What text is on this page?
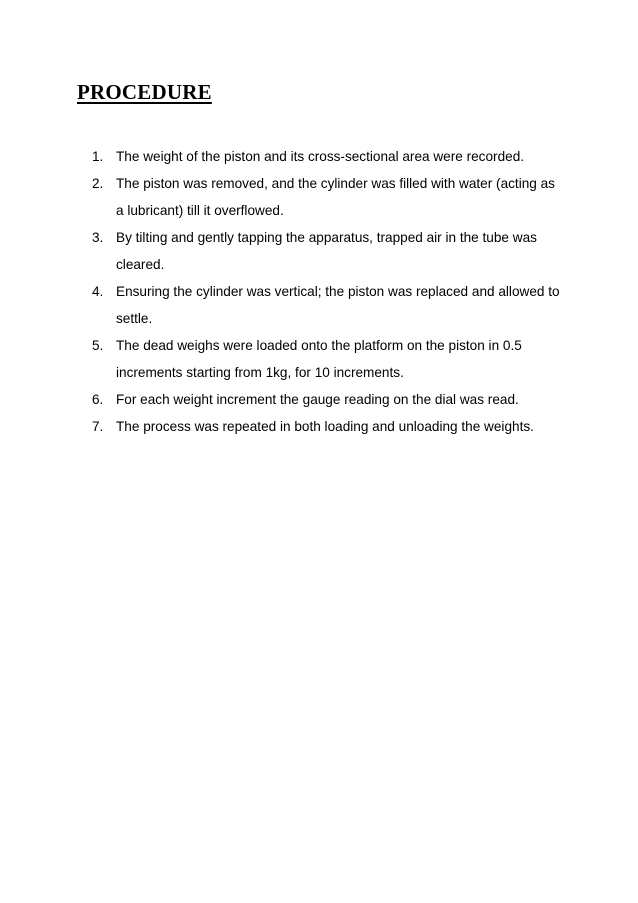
PROCEDURE
1. The weight of the piston and its cross-sectional area were recorded.
2. The piston was removed, and the cylinder was filled with water (acting as a lubricant) till it overflowed.
3. By tilting and gently tapping the apparatus, trapped air in the tube was cleared.
4. Ensuring the cylinder was vertical; the piston was replaced and allowed to settle.
5. The dead weighs were loaded onto the platform on the piston in 0.5 increments starting from 1kg, for 10 increments.
6. For each weight increment the gauge reading on the dial was read.
7. The process was repeated in both loading and unloading the weights.
